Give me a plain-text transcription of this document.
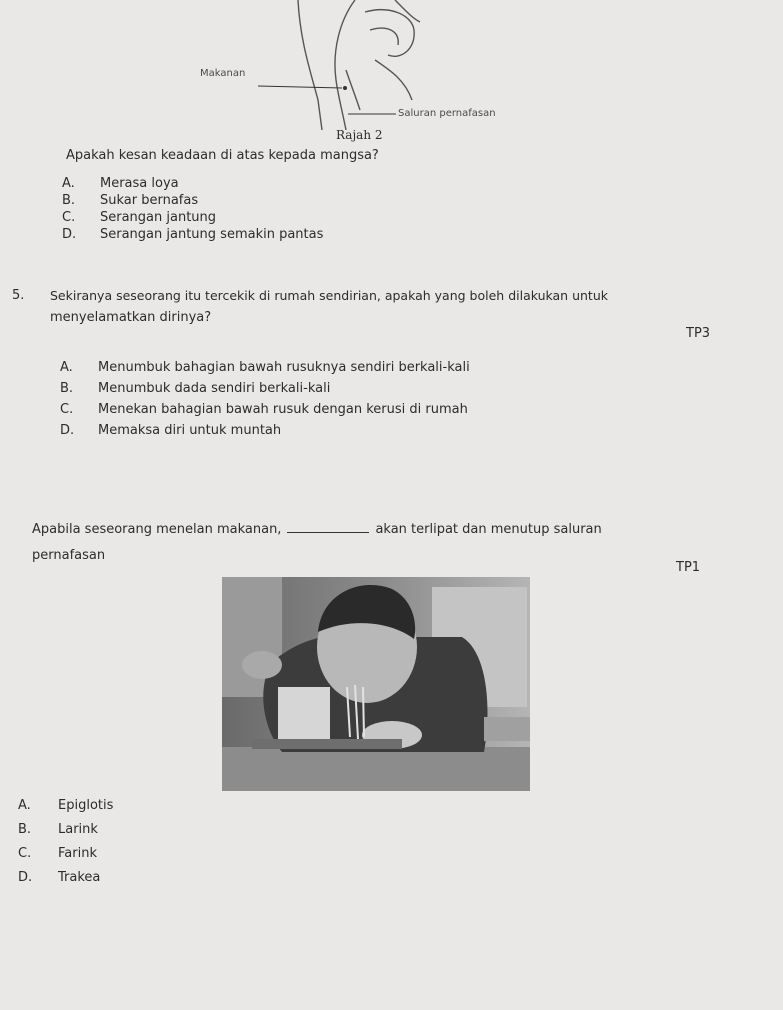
Makanan
Saluran pernafasan
Rajah 2
Apakah kesan keadaan di atas kepada mangsa?
A. Merasa loya
B. Sukar bernafas
C. Serangan jantung
D. Serangan jantung semakin pantas
5. Sekiranya seseorang itu tercekik di rumah sendirian, apakah yang boleh dilakukan untuk
menyelamatkan dirinya?
TP3
A. Menumbuk bahagian bawah rusuknya sendiri berkali-kali
B. Menumbuk dada sendiri berkali-kali
C. Menekan bahagian bawah rusuk dengan kerusi di rumah
D. Memaksa diri untuk muntah
Apabila seseorang menelan makanan,	akan terlipat dan menutup saluran
pernafasan
TP1
A. Epiglotis
B. Larink
C. Farink
D. Trakea
